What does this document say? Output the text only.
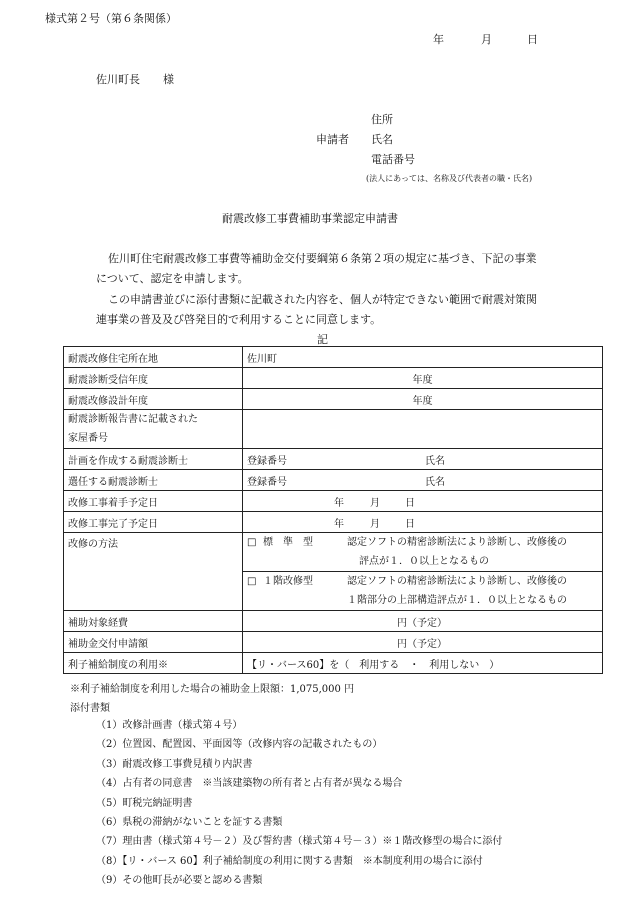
様式第２号（第６条関係）
年	月	日
佐川町長 様
住所
申請者 氏名
電話番号
(法人にあっては、名称及び代表者の職・氏名)
耐震改修工事費補助事業認定申請書
佐川町住宅耐震改修工事費等補助金交付要綱第６条第２項の規定に基づき、下記の事業
について、認定を申請します。
この申請書並びに添付書類に記載された内容を、個人が特定できない範囲で耐震対策関
連事業の普及及び啓発目的で利用することに同意します。
記
耐震改修住宅所在地	佐川町
耐震診断受信年度	年度
耐震改修設計年度	年度

耐震診断報告書に記載された
家屋番号	

計画を作成する耐震診断士	登録番号 氏名

選任する耐震診断士	登録番号 氏名

改修工事着手予定日	年 月 日

改修工事完了予定日	年 月 日

改修の方法	□ 標　準　型 認定ソフトの精密診断法により診断し、改修後の
評点が１．０以上となるもの

	□ １階改修型 認定ソフトの精密診断法により診断し、改修後の
１階部分の上部構造評点が１．０以上となるもの

補助対象経費	円（予定）

補助金交付申請額	円（予定）

利子補給制度の利用※	【リ・バース60】を（　利用する　・　利用しない　）
※利子補給制度を利用した場合の補助金上限額：1,075,000 円
添付書類
（1）改修計画書（様式第４号）
（2）位置図、配置図、平面図等（改修内容の記載されたもの）
（3）耐震改修工事費見積り内訳書
（4）占有者の同意書　※当該建築物の所有者と占有者が異なる場合
（5）町税完納証明書
（6）県税の滞納がないことを証する書類
（7）理由書（様式第４号－２）及び誓約書（様式第４号－３）※１階改修型の場合に添付
（8）【リ・バース 60】利子補給制度の利用に関する書類　※本制度利用の場合に添付
（9）その他町長が必要と認める書類
